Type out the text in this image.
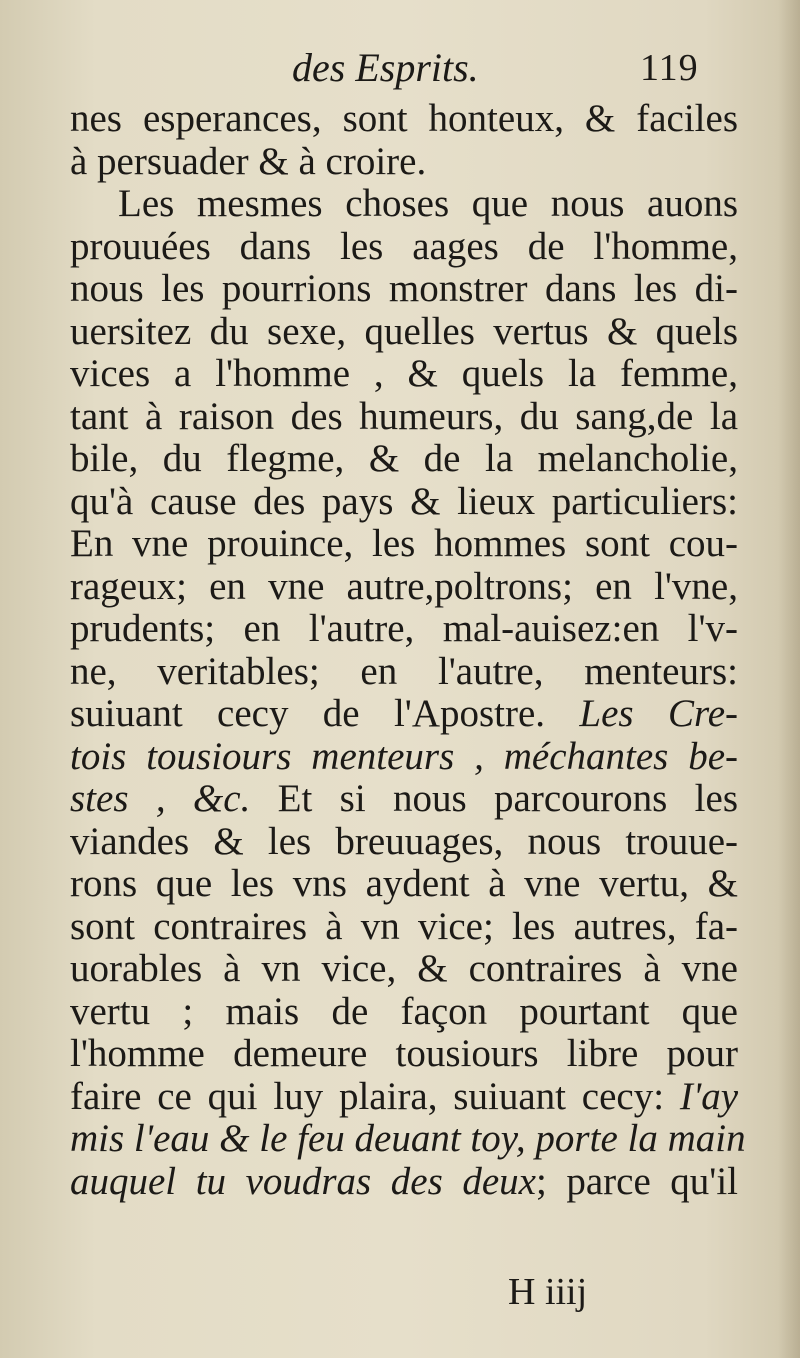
des Esprits.	119
nes esperances, sont honteux, & faciles
à persuader & à croire.
Les mesmes choses que nous auons
prouuées dans les aages de l'homme,
nous les pourrions monstrer dans les di-
uersitez du sexe, quelles vertus & quels
vices a l'homme , & quels la femme,
tant à raison des humeurs, du sang,de la
bile, du flegme, & de la melancholie,
qu'à cause des pays & lieux particuliers:
En vne prouince, les hommes sont cou-
rageux; en vne autre,poltrons; en l'vne,
prudents; en l'autre, mal-auisez:en l'v-
ne, veritables; en l'autre, menteurs:
suiuant cecy de l'Apostre. Les Cre-
tois tousiours menteurs , méchantes be-
stes , &c. Et si nous parcourons les
viandes & les breuuages, nous trouue-
rons que les vns aydent à vne vertu, &
sont contraires à vn vice; les autres, fa-
uorables à vn vice, & contraires à vne
vertu ; mais de façon pourtant que
l'homme demeure tousiours libre pour
faire ce qui luy plaira, suiuant cecy: I'ay
mis l'eau & le feu deuant toy, porte la main
auquel tu voudras des deux; parce qu'il
H iiij
